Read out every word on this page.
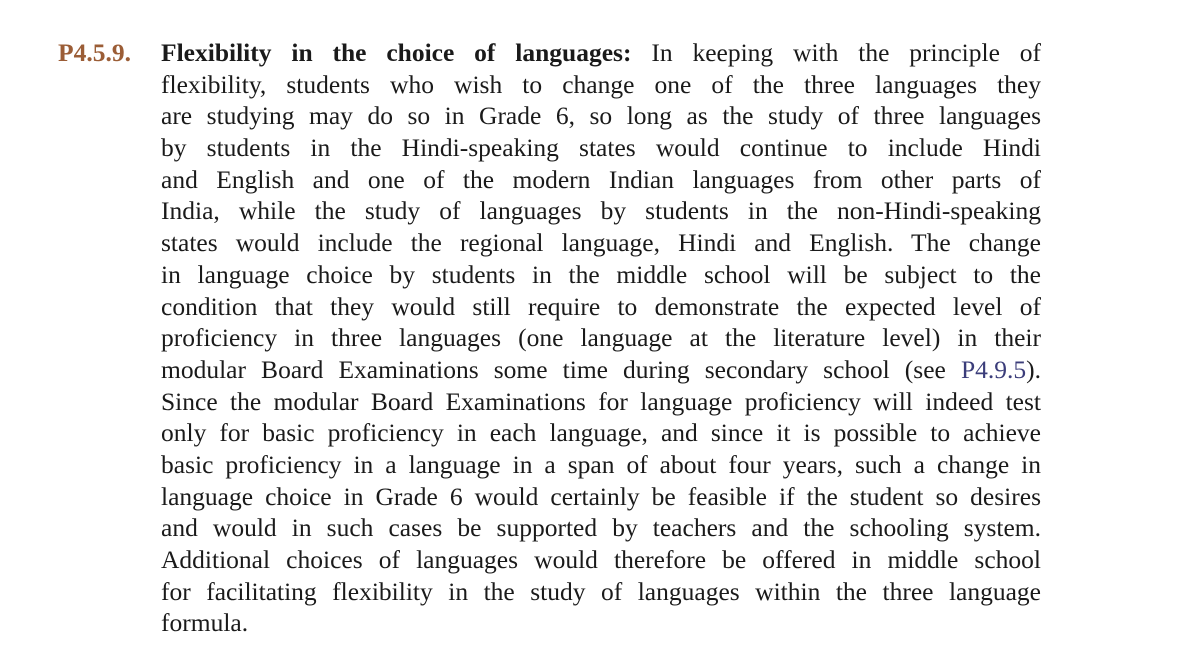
P4.5.9. Flexibility in the choice of languages: In keeping with the principle of
flexibility, students who wish to change one of the three languages they
are studying may do so in Grade 6, so long as the study of three languages
by students in the Hindi-speaking states would continue to include Hindi
and English and one of the modern Indian languages from other parts of
India, while the study of languages by students in the non-Hindi-speaking
states would include the regional language, Hindi and English. The change
in language choice by students in the middle school will be subject to the
condition that they would still require to demonstrate the expected level of
proficiency in three languages (one language at the literature level) in their
modular Board Examinations some time during secondary school (see P4.9.5).
Since the modular Board Examinations for language proficiency will indeed test
only for basic proficiency in each language, and since it is possible to achieve
basic proficiency in a language in a span of about four years, such a change in
language choice in Grade 6 would certainly be feasible if the student so desires
and would in such cases be supported by teachers and the schooling system.
Additional choices of languages would therefore be offered in middle school
for facilitating flexibility in the study of languages within the three language
formula.
